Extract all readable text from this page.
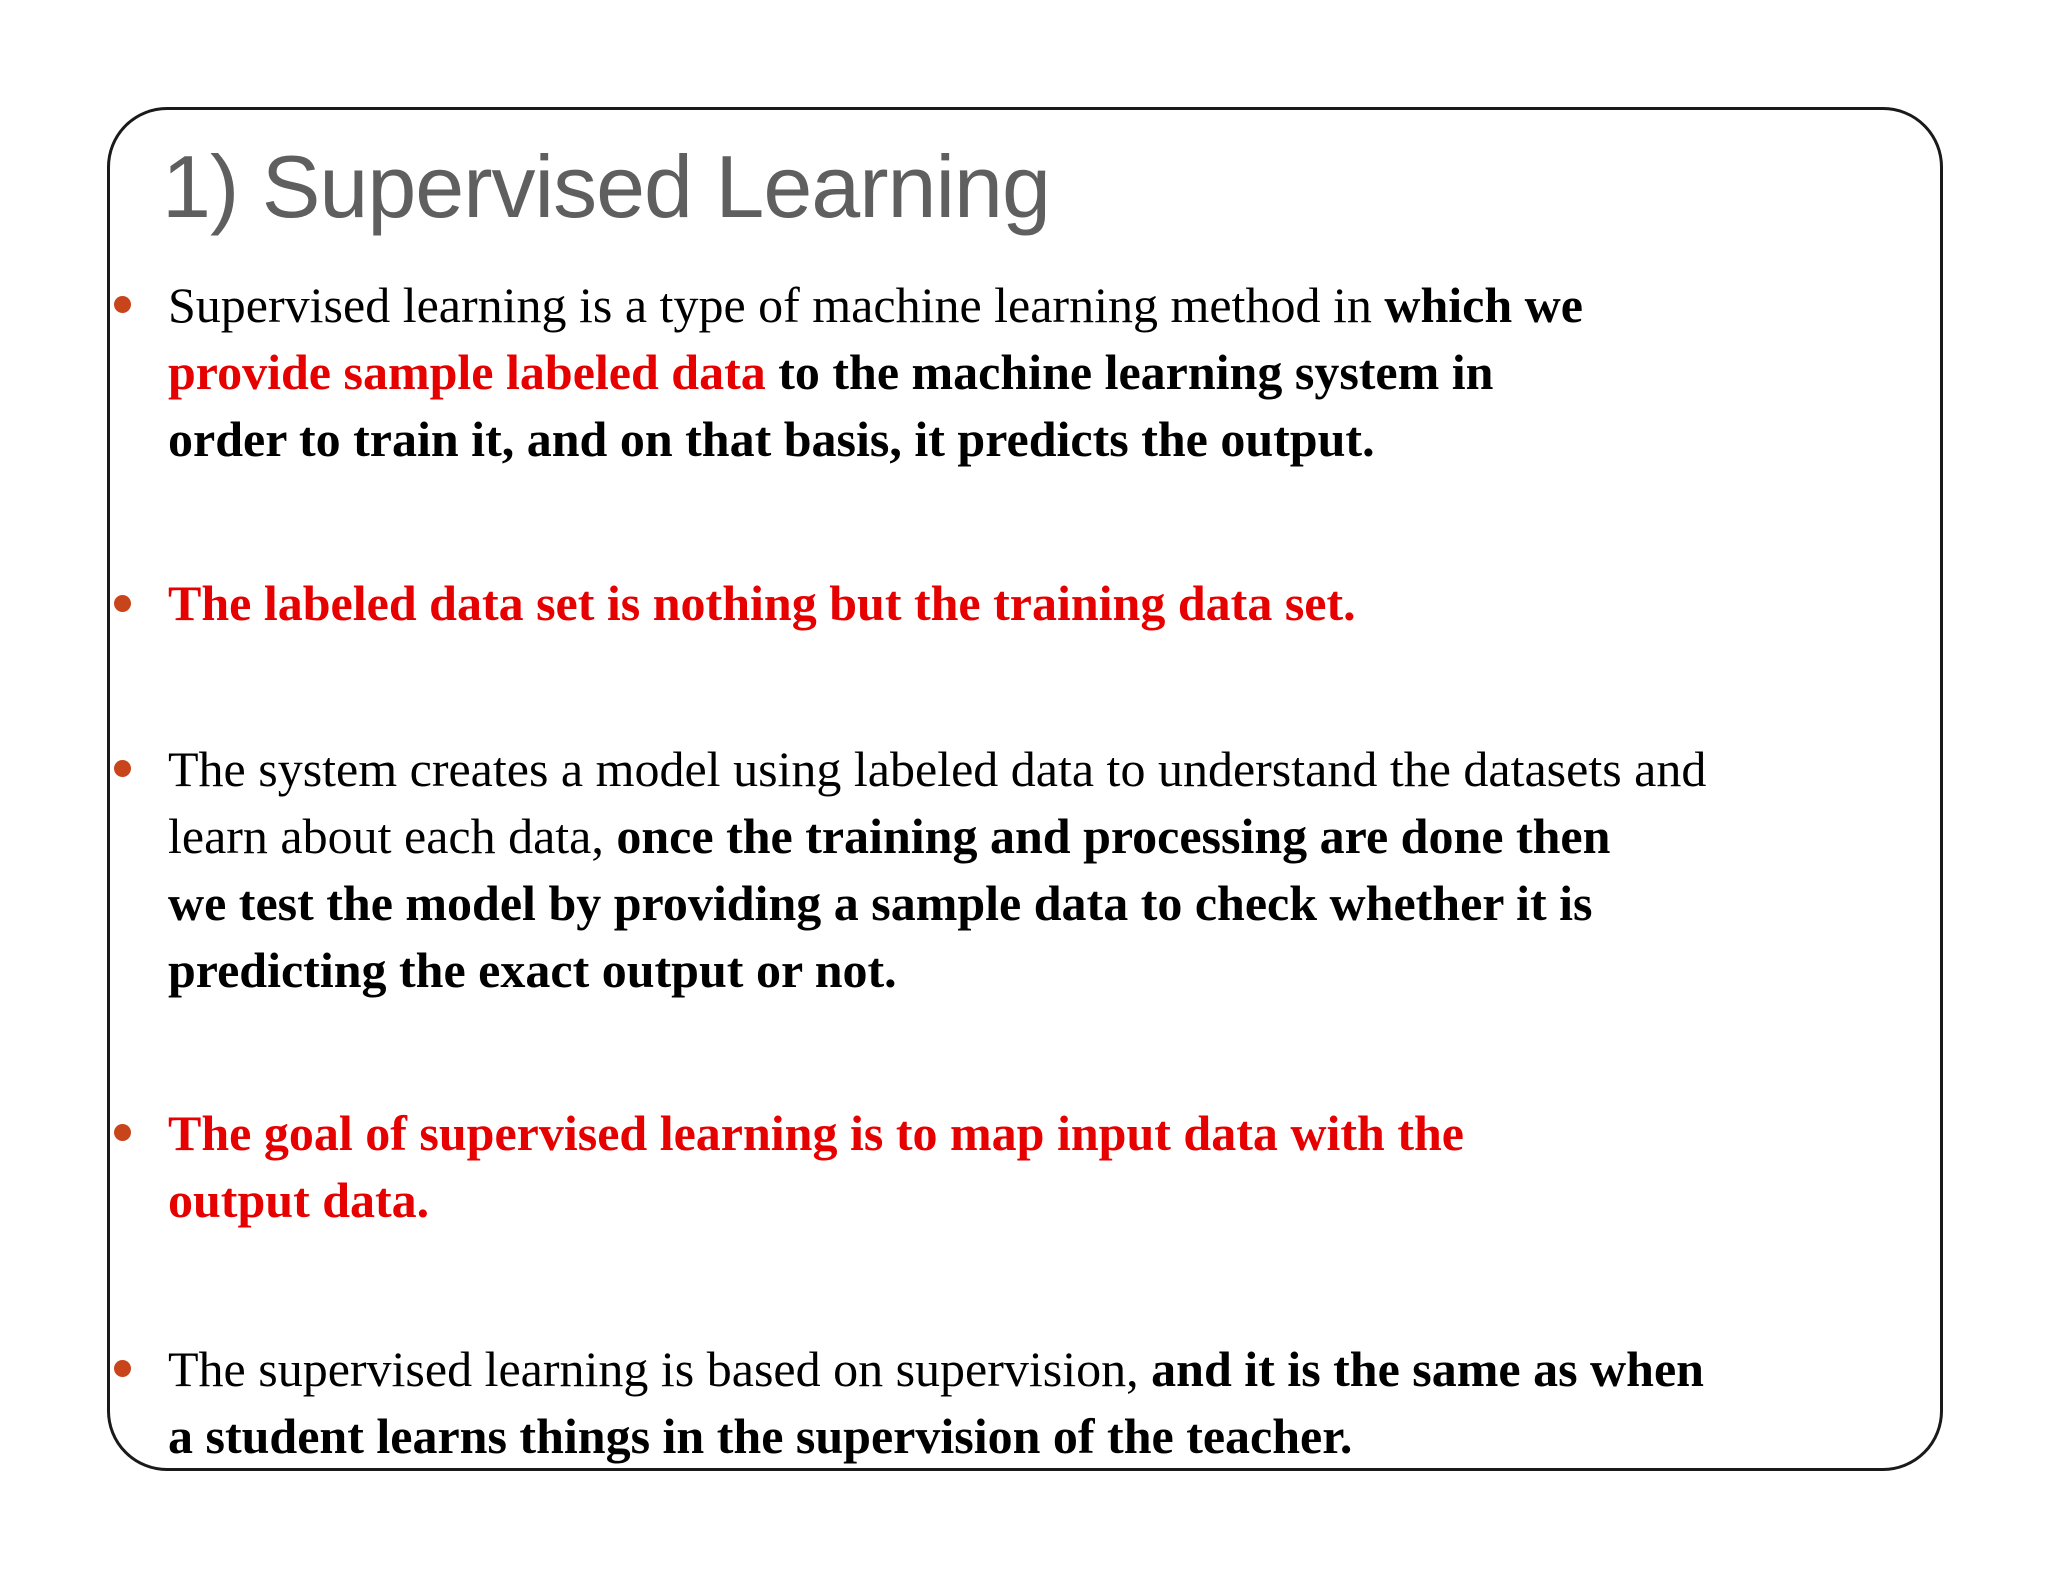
1) Supervised Learning
Supervised learning is a type of machine learning method in which we
provide sample labeled data to the machine learning system in
order to train it, and on that basis, it predicts the output.
The labeled data set is nothing but the training data set.
The system creates a model using labeled data to understand the datasets and
learn about each data, once the training and processing are done then
we test the model by providing a sample data to check whether it is
predicting the exact output or not.
The goal of supervised learning is to map input data with the
output data.
The supervised learning is based on supervision, and it is the same as when
a student learns things in the supervision of the teacher.
